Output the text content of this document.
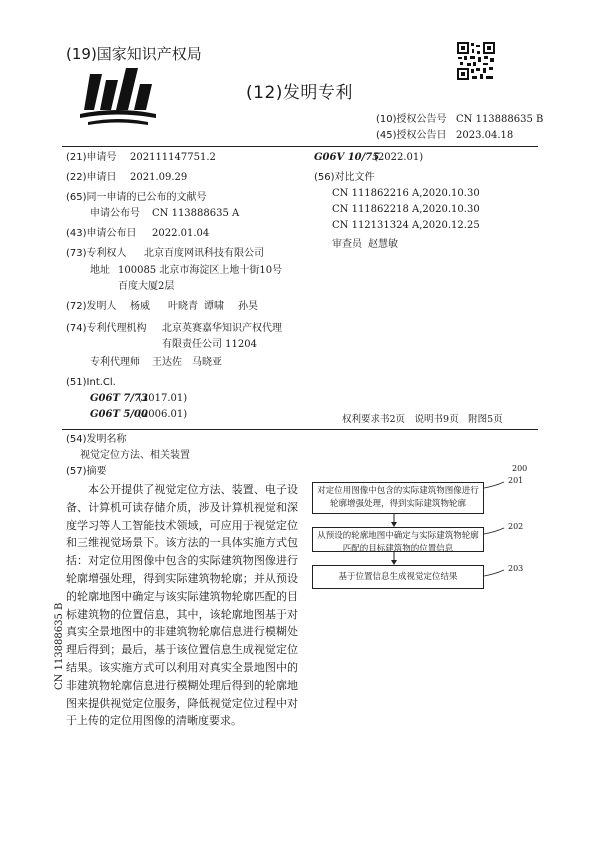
(19)国家知识产权局
(12)发明专利
(10)授权公告号 CN 113888635 B
(45)授权公告日 2023.04.18
(21)申请号 202111147751.2
(22)申请日 2021.09.29
(65)同一申请的已公布的文献号
申请公布号 CN 113888635 A
(43)申请公布日 2022.01.04
(73)专利权人 北京百度网讯科技有限公司
地址 100085 北京市海淀区上地十街10号
百度大厦2层
(72)发明人 杨威 叶晓青 谭啸 孙昊
(74)专利代理机构 北京英赛嘉华知识产权代理
有限责任公司 11204
专利代理师 王达佐　马晓亚
(51)Int.Cl.
G06T 7/73
(2017.01)
G06T 5/00
(2006.01)
G06V 10/75
(2022.01)
(56)对比文件
CN 111862216 A,2020.10.30
CN 111862218 A,2020.10.30
CN 112131324 A,2020.12.25
审查员 赵慧敏
权利要求书2页　说明书9页　附图5页
(54)发明名称
视觉定位方法、相关装置
(57)摘要
本公开提供了视觉定位方法、装置、电子设备、计算机可读存储介质，涉及计算机视觉和深度学习等人工智能技术领域，可应用于视觉定位和三维视觉场景下。该方法的一具体实施方式包括：对定位用图像中包含的实际建筑物图像进行轮廓增强处理，得到实际建筑物轮廓；并从预设的轮廓地图中确定与该实际建筑物轮廓匹配的目标建筑物的位置信息，其中，该轮廓地图基于对真实全景地图中的非建筑物轮廓信息进行模糊处理后得到；最后，基于该位置信息生成视觉定位结果。该实施方式可以利用对真实全景地图中的非建筑物轮廓信息进行模糊处理后得到的轮廓地图来提供视觉定位服务，降低视觉定位过程中对于上传的定位用图像的清晰度要求。
200
对定位用图像中包含的实际建筑物图像进行轮廓增强处理，得到实际建筑物轮廓
201
从预设的轮廓地图中确定与实际建筑物轮廓匹配的目标建筑物的位置信息
202
基于位置信息生成视觉定位结果
203
CN 113888635 B
